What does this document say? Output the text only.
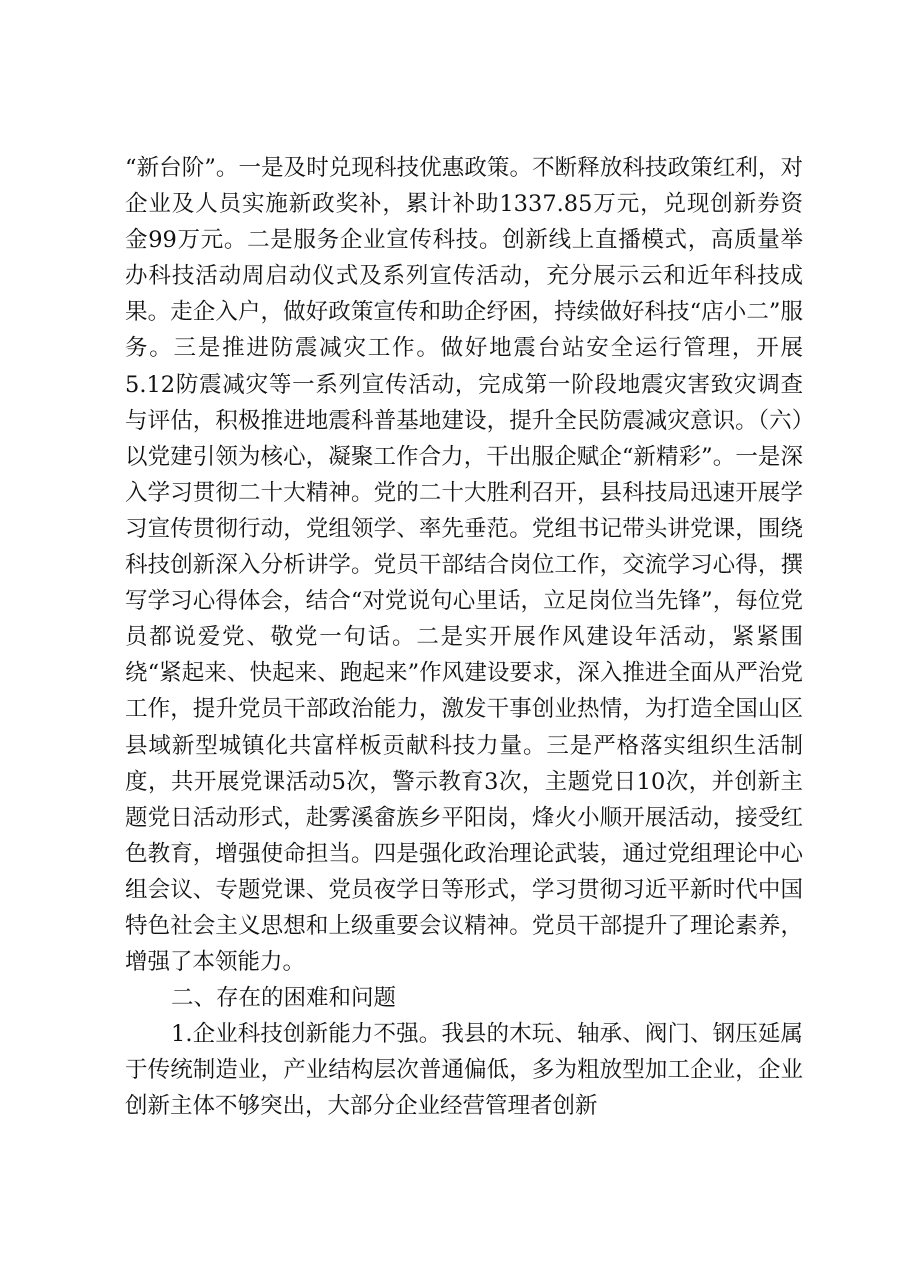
“新台阶”。一是及时兑现科技优惠政策。不断释放科技政策红利，对企业及人员实施新政奖补，累计补助1337.85万元，兑现创新券资金99万元。二是服务企业宣传科技。创新线上直播模式，高质量举办科技活动周启动仪式及系列宣传活动，充分展示云和近年科技成果。走企入户，做好政策宣传和助企纾困，持续做好科技“店小二”服务。三是推进防震减灾工作。做好地震台站安全运行管理，开展5.12防震减灾等一系列宣传活动，完成第一阶段地震灾害致灾调查与评估，积极推进地震科普基地建设，提升全民防震减灾意识。（六）以党建引领为核心，凝聚工作合力，干出服企赋企“新精彩”。一是深入学习贯彻二十大精神。党的二十大胜利召开，县科技局迅速开展学习宣传贯彻行动，党组领学、率先垂范。党组书记带头讲党课，围绕科技创新深入分析讲学。党员干部结合岗位工作，交流学习心得，撰写学习心得体会，结合“对党说句心里话，立足岗位当先锋”，每位党员都说爱党、敬党一句话。二是实开展作风建设年活动，紧紧围绕“紧起来、快起来、跑起来”作风建设要求，深入推进全面从严治党工作，提升党员干部政治能力，激发干事创业热情，为打造全国山区县域新型城镇化共富样板贡献科技力量。三是严格落实组织生活制度，共开展党课活动5次，警示教育3次，主题党日10次，并创新主题党日活动形式，赴雾溪畲族乡平阳岗，烽火小顺开展活动，接受红色教育，增强使命担当。四是强化政治理论武装，通过党组理论中心组会议、专题党课、党员夜学日等形式，学习贯彻习近平新时代中国特色社会主义思想和上级重要会议精神。党员干部提升了理论素养，增强了本领能力。

二、存在的困难和问题

1.企业科技创新能力不强。我县的木玩、轴承、阀门、钢压延属于传统制造业，产业结构层次普通偏低，多为粗放型加工企业，企业创新主体不够突出，大部分企业经营管理者创新
